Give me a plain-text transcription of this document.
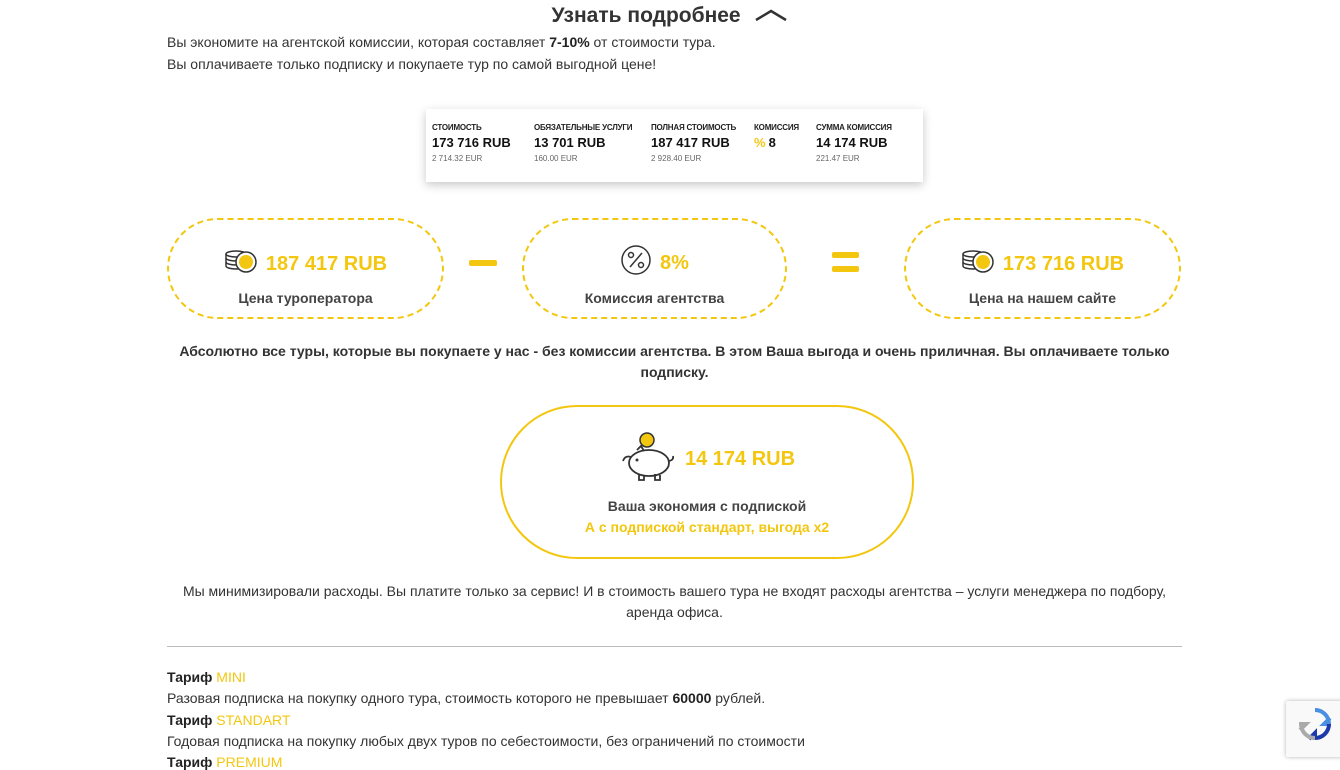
Узнать подробнее
Вы экономите на агентской комиссии, которая составляет 7-10% от стоимости тура.
Вы оплачиваете только подписку и покупаете тур по самой выгодной цене!
СТОИМОСТЬ
173 716 RUB
2 714.32 EUR
ОБЯЗАТЕЛЬНЫЕ УСЛУГИ
13 701 RUB
160.00 EUR
ПОЛНАЯ СТОИМОСТЬ
187 417 RUB
2 928.40 EUR
КОМИССИЯ
% 8
СУММА КОМИССИЯ
14 174 RUB
221.47 EUR
187 417 RUB
Цена туроператора
8%
Комиссия агентства
173 716 RUB
Цена на нашем сайте
Абсолютно все туры, которые вы покупаете у нас - без комиссии агентства. В этом Ваша выгода и очень приличная. Вы оплачиваете только подписку.
14 174 RUB
Ваша экономия с подпиской
А с подпиской стандарт, выгода х2
Мы минимизировали расходы. Вы платите только за сервис! И в стоимость вашего тура не входят расходы агентства – услуги менеджера по подбору, аренда офиса.
Тариф MINI
Разовая подписка на покупку одного тура, стоимость которого не превышает 60000 рублей.
Тариф STANDART
Годовая подписка на покупку любых двух туров по себестоимости, без ограничений по стоимости
Тариф PREMIUM
